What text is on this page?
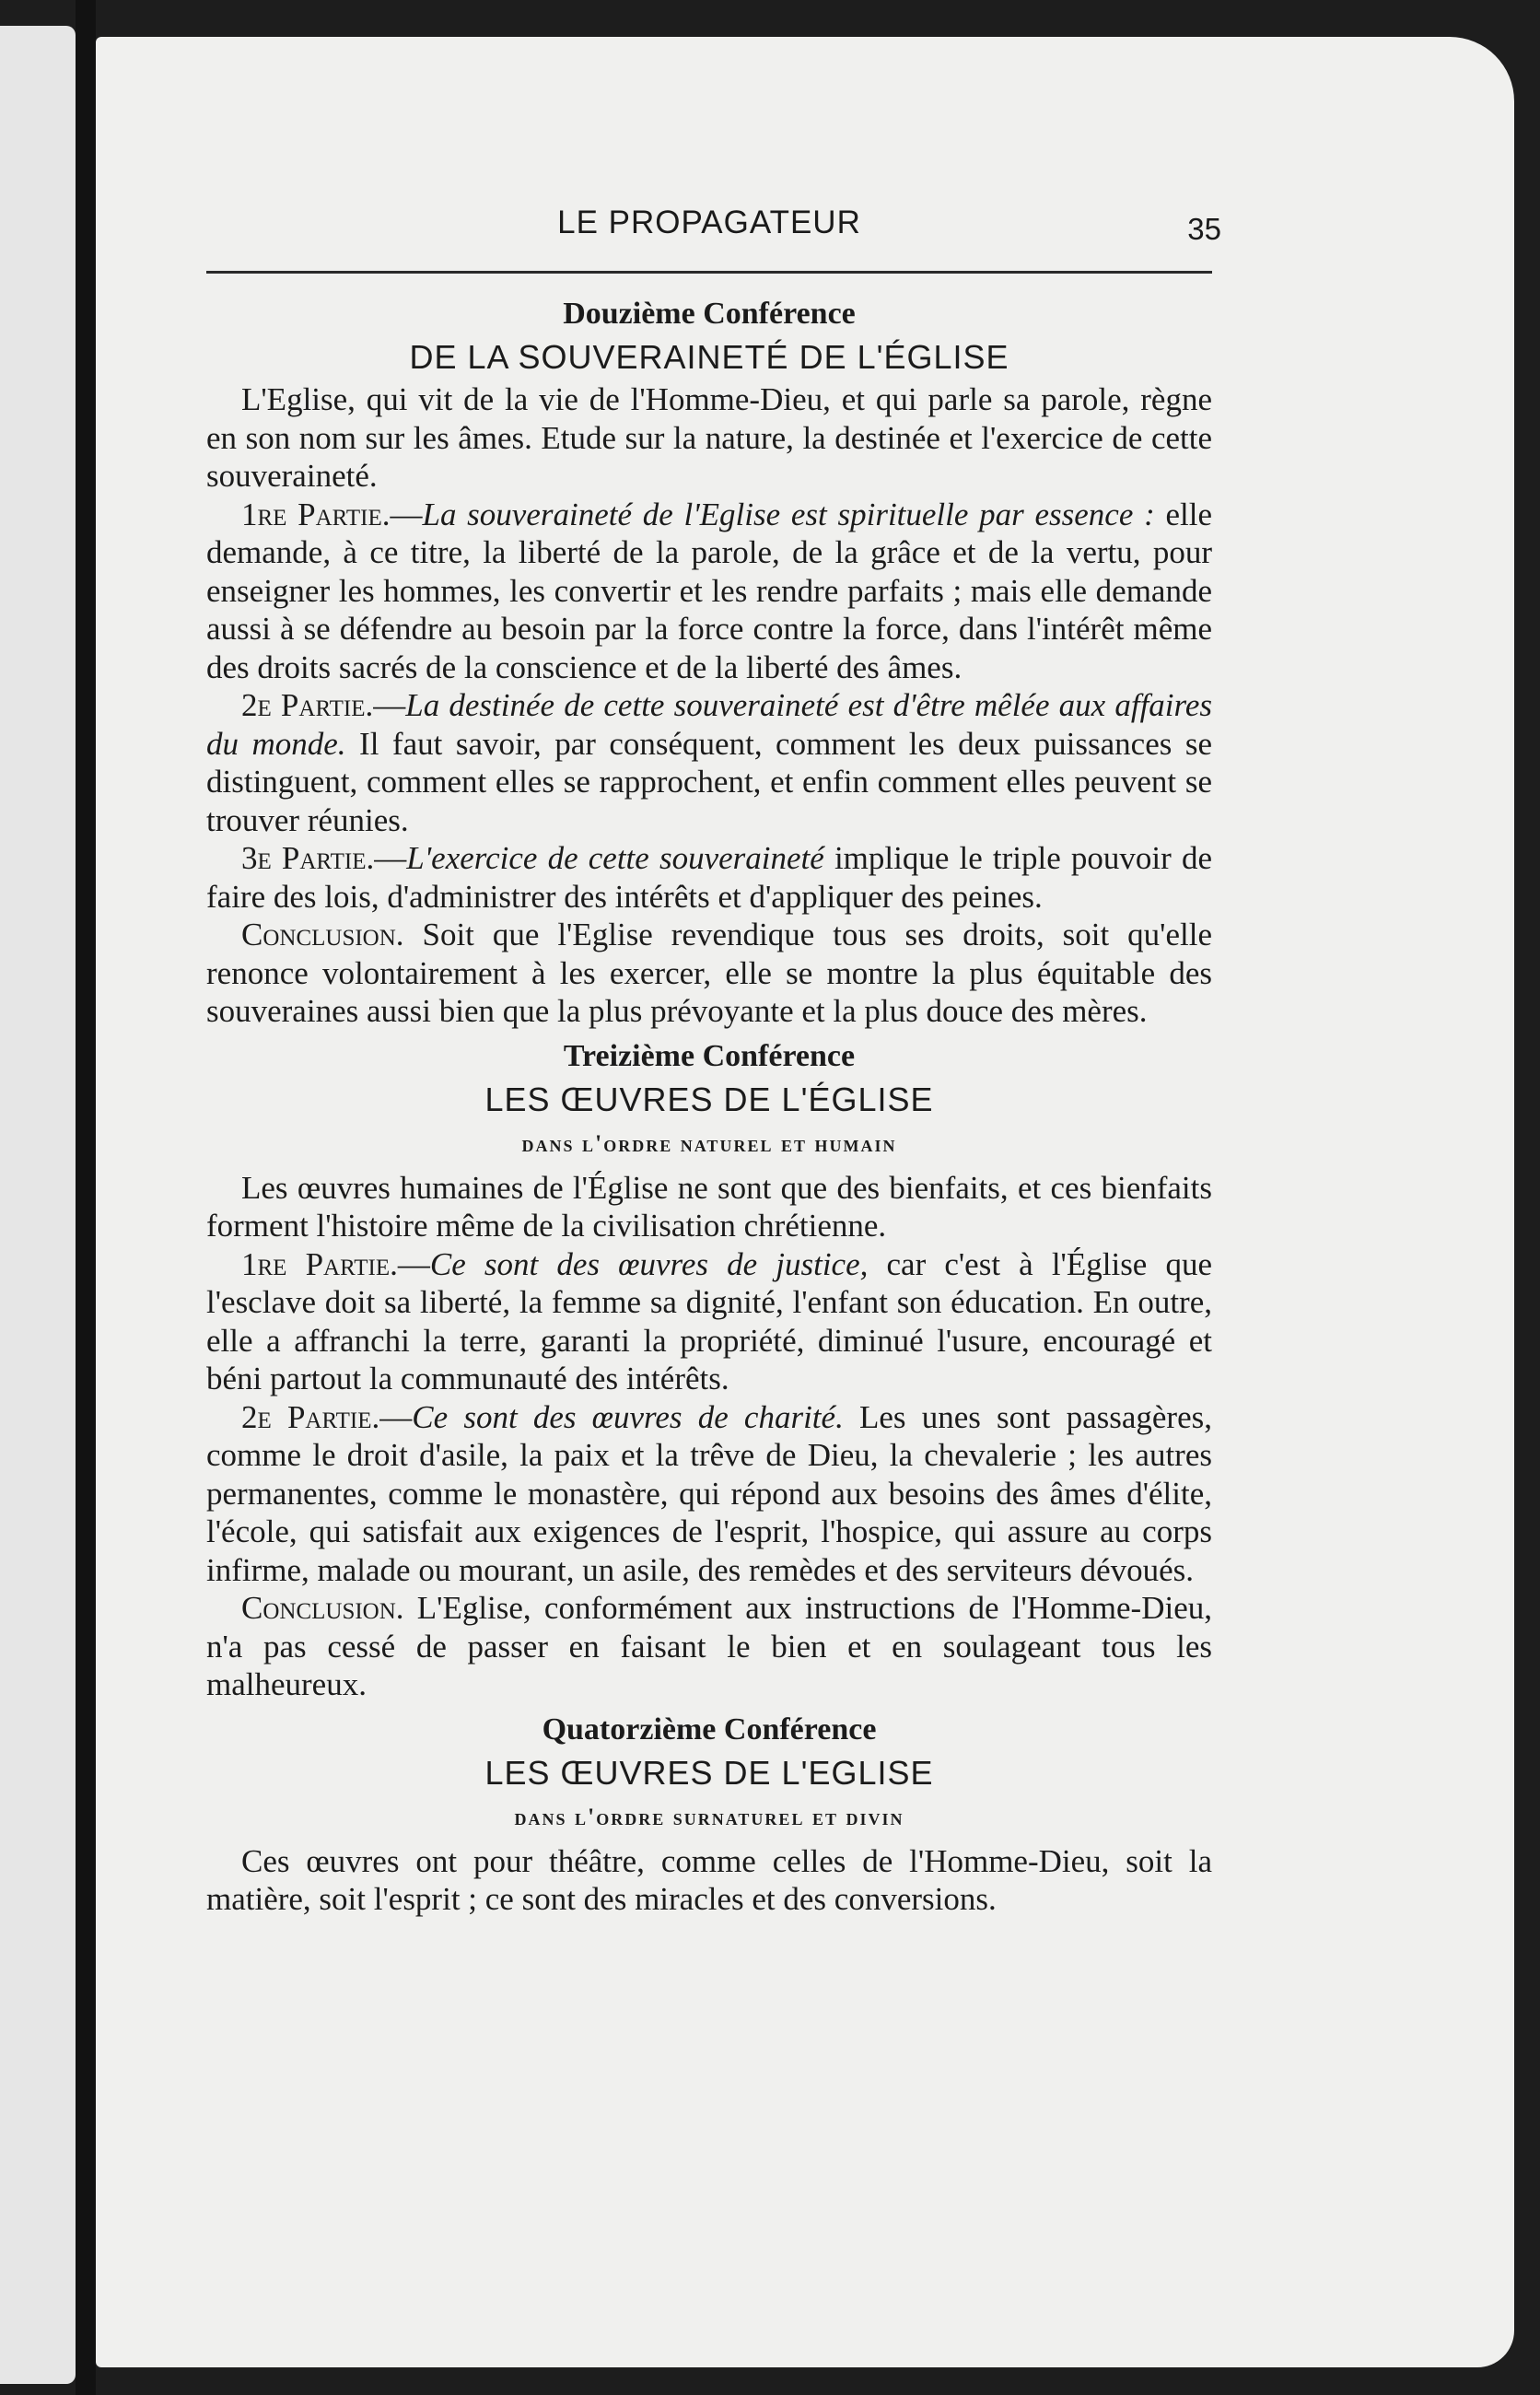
LE PROPAGATEUR	35
Douzième Conférence
DE LA SOUVERAINETÉ DE L'ÉGLISE

L'Eglise, qui vit de la vie de l'Homme-Dieu, et qui parle sa parole, règne en son nom sur les âmes. Etude sur la nature, la destinée et l'exercice de cette souveraineté.

1re Partie.—La souveraineté de l'Eglise est spirituelle par essence : elle demande, à ce titre, la liberté de la parole, de la grâce et de la vertu, pour enseigner les hommes, les convertir et les rendre parfaits ; mais elle demande aussi à se défendre au besoin par la force contre la force, dans l'intérêt même des droits sacrés de la conscience et de la liberté des âmes.

2e Partie.—La destinée de cette souveraineté est d'être mêlée aux affaires du monde. Il faut savoir, par conséquent, comment les deux puissances se distinguent, comment elles se rapprochent, et enfin comment elles peuvent se trouver réunies.

3e Partie.—L'exercice de cette souveraineté implique le triple pouvoir de faire des lois, d'administrer des intérêts et d'appliquer des peines.

Conclusion. Soit que l'Eglise revendique tous ses droits, soit qu'elle renonce volontairement à les exercer, elle se montre la plus équitable des souveraines aussi bien que la plus prévoyante et la plus douce des mères.

Treizième Conférence
LES ŒUVRES DE L'ÉGLISE
dans l'ordre naturel et humain

Les œuvres humaines de l'Église ne sont que des bienfaits, et ces bienfaits forment l'histoire même de la civilisation chrétienne.

1re Partie.—Ce sont des œuvres de justice, car c'est à l'Église que l'esclave doit sa liberté, la femme sa dignité, l'enfant son éducation. En outre, elle a affranchi la terre, garanti la propriété, diminué l'usure, encouragé et béni partout la communauté des intérêts.

2e Partie.—Ce sont des œuvres de charité. Les unes sont passagères, comme le droit d'asile, la paix et la trêve de Dieu, la chevalerie ; les autres permanentes, comme le monastère, qui répond aux besoins des âmes d'élite, l'école, qui satisfait aux exigences de l'esprit, l'hospice, qui assure au corps infirme, malade ou mourant, un asile, des remèdes et des serviteurs dévoués.

Conclusion. L'Eglise, conformément aux instructions de l'Homme-Dieu, n'a pas cessé de passer en faisant le bien et en soulageant tous les malheureux.

Quatorzième Conférence
LES ŒUVRES DE L'EGLISE
dans l'ordre surnaturel et divin

Ces œuvres ont pour théâtre, comme celles de l'Homme-Dieu, soit la matière, soit l'esprit ; ce sont des miracles et des conversions.
